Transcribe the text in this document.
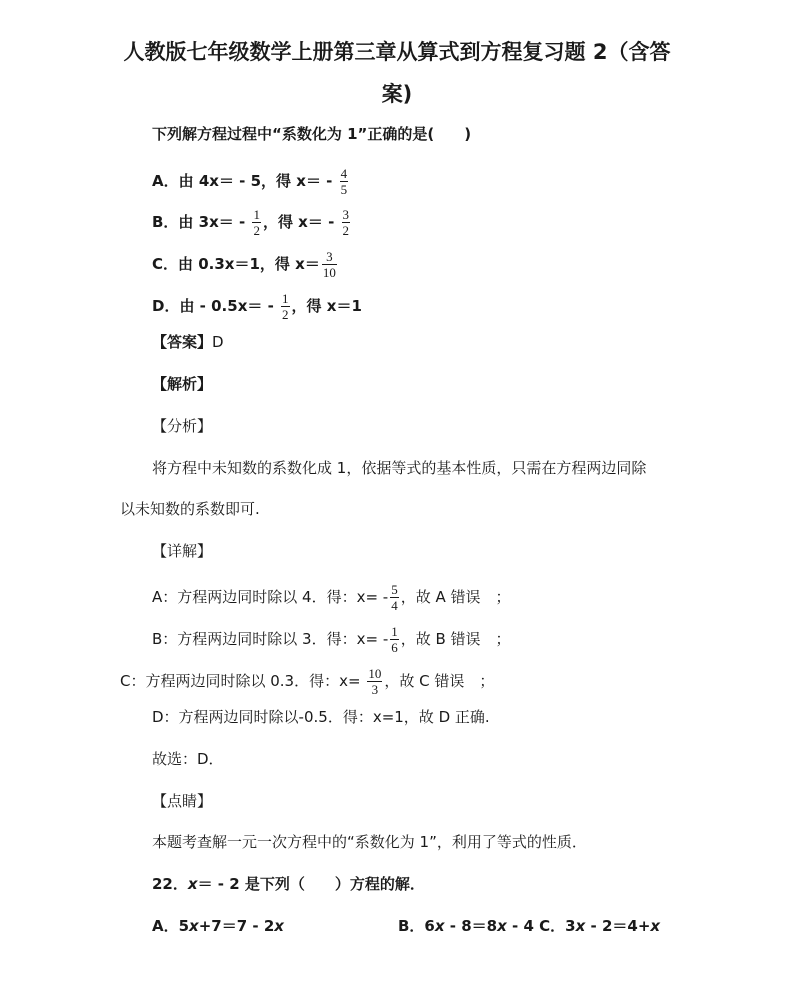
人教版七年级数学上册第三章从算式到方程复习题 2（含答
案)
下列解方程过程中“系数化为 1”正确的是(　　)
A．由 4x＝ - 5，得 $x= - \frac{4}{5}$
B．由 $3x= - \frac{1}{2}$ ，得 $x= - \frac{3}{2}$
C．由 0.3x＝1，得 $x= \frac{3}{10}$
D．由 - $0.5x= - \frac{1}{2}$ ，得 x＝1
【答案】D
【解析】
【分析】
将方程中未知数的系数化成 1，依据等式的基本性质，只需在方程两边同除
以未知数的系数即可.
【详解】
A：方程两边同时除以 4．得：$x= - \frac{5}{4}$ ，故 A 错误　；
B：方程两边同时除以 3．得：$x= - \frac{1}{6}$ ，故 B 错误　；
C：方程两边同时除以 0.3．得：$x= \frac{10}{3}$ ，故 C 错误　；
D：方程两边同时除以-0.5．得：x=1，故 D 正确.
故选：D．
【点睛】
本题考查解一元一次方程中的“系数化为 1”，利用了等式的性质．
22．x＝ - 2 是下列（　　）方程的解．
A．5x+7＝7 - 2x	B．6x - 8＝8x - 4 C．3x - 2＝4+x
